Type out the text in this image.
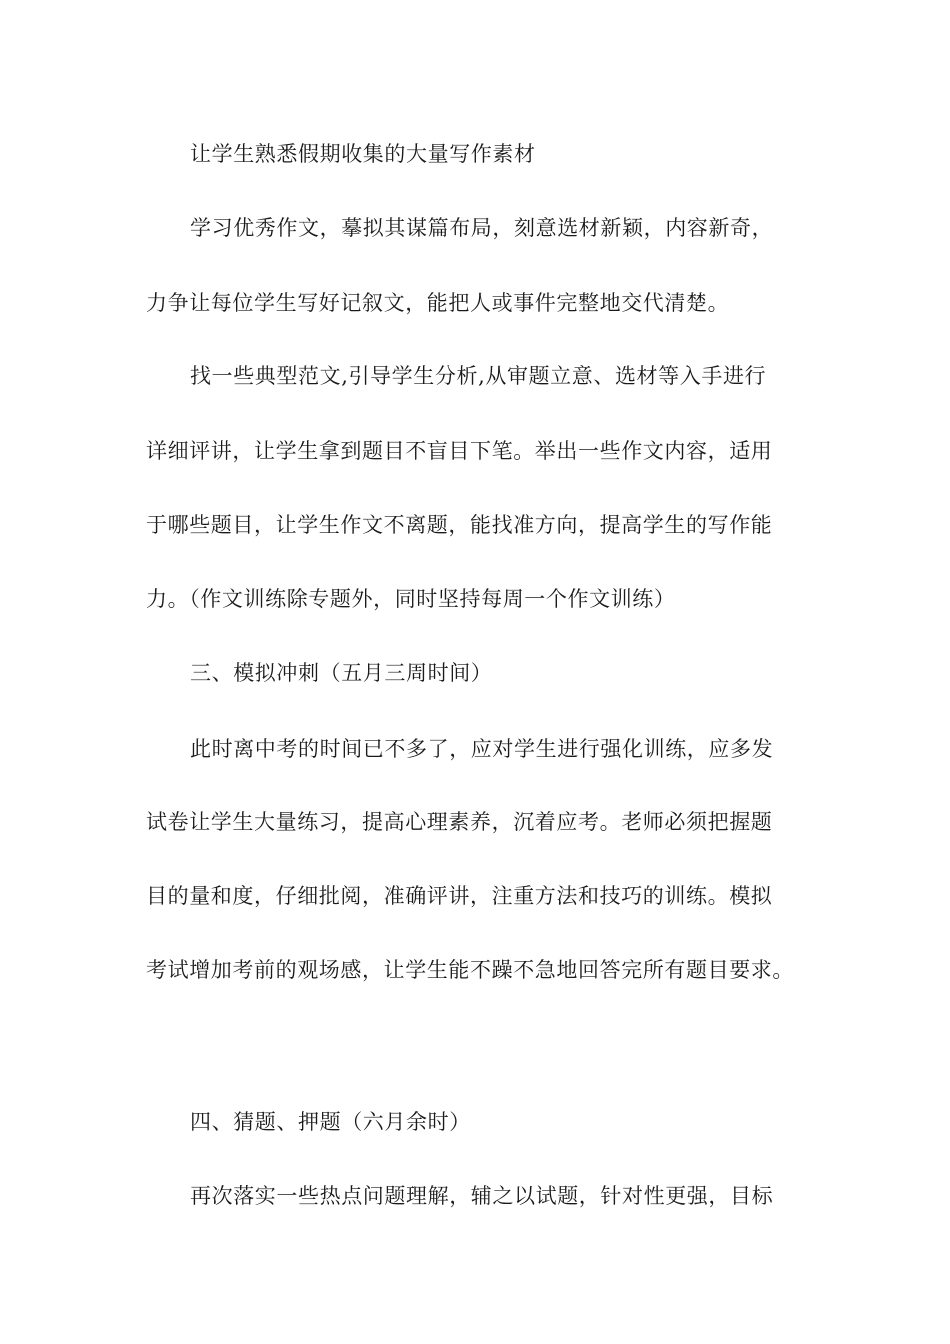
让学生熟悉假期收集的大量写作素材
学习优秀作文，摹拟其谋篇布局，刻意选材新颖，内容新奇，
力争让每位学生写好记叙文，能把人或事件完整地交代清楚。
找一些典型范文,引导学生分析,从审题立意、选材等入手进行
详细评讲，让学生拿到题目不盲目下笔。举出一些作文内容，适用
于哪些题目，让学生作文不离题，能找准方向，提高学生的写作能
力。（作文训练除专题外，同时坚持每周一个作文训练）
三、模拟冲刺（五月三周时间）
此时离中考的时间已不多了，应对学生进行强化训练，应多发
试卷让学生大量练习，提高心理素养，沉着应考。老师必须把握题
目的量和度，仔细批阅，准确评讲，注重方法和技巧的训练。模拟
考试增加考前的观场感，让学生能不躁不急地回答完所有题目要求。
四、猜题、押题（六月余时）
再次落实一些热点问题理解，辅之以试题，针对性更强，目标
